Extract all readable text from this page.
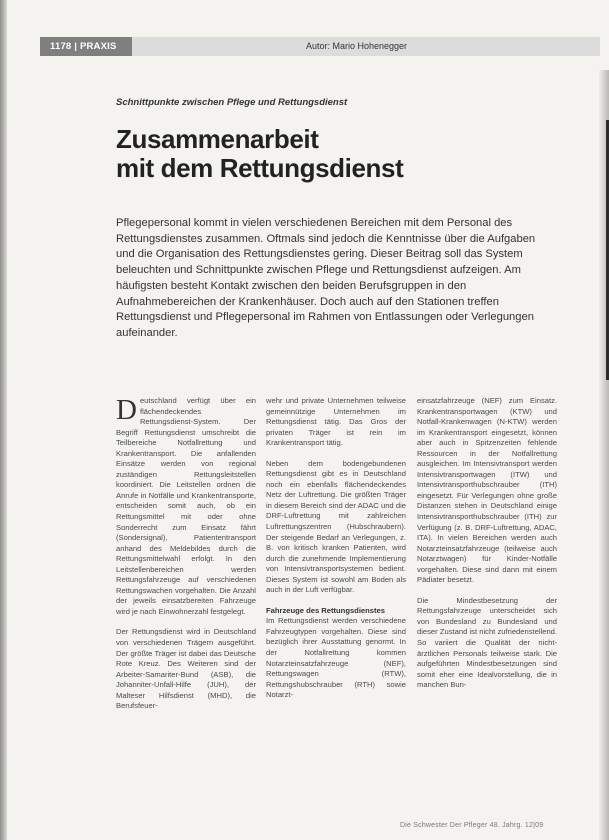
1178 | PRAXIS	Autor: Mario Hohenegger
Schnittpunkte zwischen Pflege und Rettungsdienst
Zusammenarbeit
mit dem Rettungsdienst

Pflegepersonal kommt in vielen verschiedenen Bereichen mit dem Personal des Rettungsdienstes zusammen. Oftmals sind jedoch die Kenntnisse über die Aufgaben und die Organisation des Rettungsdienstes gering. Dieser Beitrag soll das System beleuchten und Schnittpunkte zwischen Pflege und Rettungsdienst aufzeigen. Am häufigsten besteht Kontakt zwischen den beiden Berufsgruppen in den Aufnahmebereichen der Krankenhäuser. Doch auch auf den Stationen treffen Rettungsdienst und Pflegepersonal im Rahmen von Entlassungen oder Verlegungen aufeinander.

Deutschland verfügt über ein flächendeckendes Rettungsdienst-System. Der Begriff Rettungsdienst umschreibt die Teilbereiche Notfallrettung und Krankentransport. Die anfallenden Einsätze werden von regional zuständigen Rettungsleitstellen koordiniert. Die Leitstellen ordnen die Anrufe in Notfälle und Krankentransporte, entscheiden somit auch, ob ein Rettungsmittel mit oder ohne Sonderrecht zum Einsatz fährt (Sondersignal), Patiententransport anhand des Meldebildes durch die Rettungsmittelwahl erfolgt. In den Leitstellenbereichen werden Rettungsfahrzeuge auf verschiedenen Rettungswachen vorgehalten. Die Anzahl der jeweils einsatzbereiten Fahrzeuge wird je nach Einwohnerzahl festgelegt.

Der Rettungsdienst wird in Deutschland von verschiedenen Trägern ausgeführt. Der größte Träger ist dabei das Deutsche Rote Kreuz. Des Weiteren sind der Arbeiter-Samariter-Bund (ASB), die Johanniter-Unfall-Hilfe (JUH), der Malteser Hilfsdienst (MHD), die Berufsfeuer-

wehr und private Unternehmen teilweise gemeinnützige Unternehmen im Rettungsdienst tätig. Das Gros der privaten Träger ist rein im Krankentransport tätig.

Neben dem bodengebundenen Rettungsdienst gibt es in Deutschland noch ein ebenfalls flächendeckendes Netz der Luftrettung. Die größten Träger in diesem Bereich sind der ADAC und die DRF-Luftrettung mit zahlreichen Luftrettungszentren (Hubschraubern). Der steigende Bedarf an Verlegungen, z. B. von kritisch kranken Patienten, wird durch die zunehmende Implementierung von Intensivtransportsystemen bedient. Dieses System ist sowohl am Boden als auch in der Luft verfügbar.

Fahrzeuge des Rettungsdienstes

Im Rettungsdienst werden verschiedene Fahrzeugtypen vorgehalten. Diese sind bezüglich ihrer Ausstattung genormt. In der Notfallrettung kommen Notarzteinsatzfahrzeuge (NEF), Rettungswagen (RTW), Rettungshubschrauber (RTH) sowie Notarzt-

einsatzfahrzeuge (NEF) zum Einsatz. Krankentransportwagen (KTW) und Notfall-Krankenwagen (N-KTW) werden im Krankentransport eingesetzt, können aber auch in Spitzenzeiten fehlende Ressourcen in der Notfallrettung ausgleichen. Im Intensivtransport werden Intensivtransportwagen (ITW) und Intensivtransporthubschrauber (ITH) eingesetzt. Für Verlegungen ohne große Distanzen stehen in Deutschland einige Intensivtransporthubschrauber (ITH) zur Verfügung (z. B. DRF-Luftrettung, ADAC, ITA). In vielen Bereichen werden auch Notarzteinsatzfahrzeuge (teilweise auch Notarztwagen) für Kinder-Notfälle vorgehalten. Diese sind dann mit einem Pädiater besetzt.

Die Mindestbesetzung der Rettungsfahrzeuge unterscheidet sich von Bundesland zu Bundesland und dieser Zustand ist nicht zufriedenstellend. So variiert die Qualität der nicht-ärztlichen Personals teilweise stark. Die aufgeführten Mindestbesetzungen sind somit eher eine Idealvorstellung, die in manchen Bun-

Die Schwester Der Pfleger 48. Jahrg. 12|09
